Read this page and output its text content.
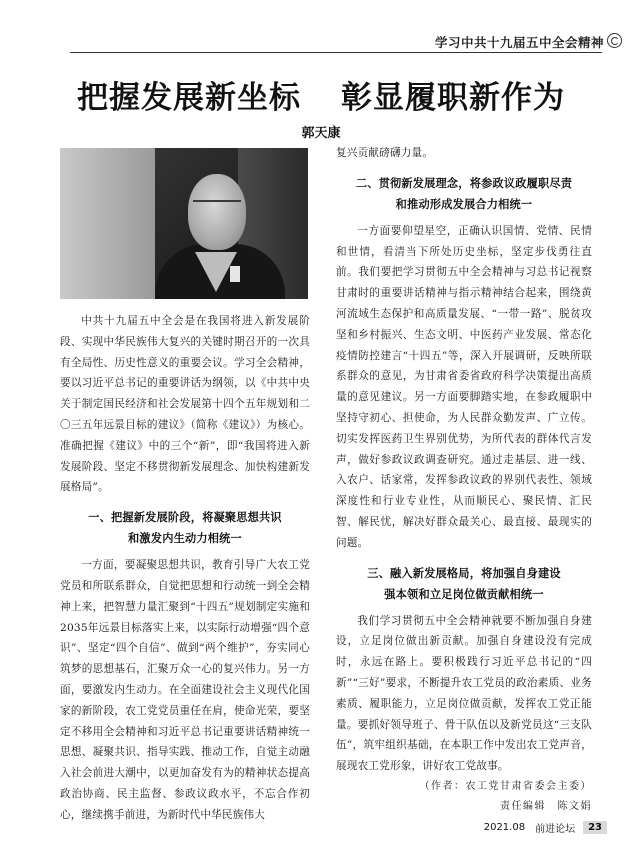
学习中共十九届五中全会精神
把握发展新坐标 彰显履职新作为
郭天康

中共十九届五中全会是在我国将进入新发展阶段、实现中华民族伟大复兴的关键时期召开的一次具有全局性、历史性意义的重要会议。学习全会精神，要以习近平总书记的重要讲话为纲领，以《中共中央关于制定国民经济和社会发展第十四个五年规划和二〇三五年远景目标的建议》（简称《建议》）为核心。准确把握《建议》中的三个“新”，即“我国将进入新发展阶段、坚定不移贯彻新发展理念、加快构建新发展格局”。

一、把握新发展阶段，将凝聚思想共识
和激发内生动力相统一

一方面，要凝聚思想共识，教育引导广大农工党党员和所联系群众，自觉把思想和行动统一到全会精神上来，把智慧力量汇聚到“十四五”规划制定实施和2035年远景目标落实上来，以实际行动增强“四个意识”、坚定“四个自信”、做到“两个维护”，夯实同心筑梦的思想基石，汇聚万众一心的复兴伟力。另一方面，要激发内生动力。在全面建设社会主义现代化国家的新阶段，农工党党员重任在肩，使命光荣，要坚定不移用全会精神和习近平总书记重要讲话精神统一思想、凝聚共识、指导实践、推动工作，自觉主动融入社会前进大潮中，以更加奋发有为的精神状态提高政治协商、民主监督、参政议政水平，不忘合作初心，继续携手前进，为新时代中华民族伟大

复兴贡献磅礴力量。

二、贯彻新发展理念，将参政议政履职尽责
和推动形成发展合力相统一

一方面要仰望星空，正确认识国情、党情、民情和世情，看清当下所处历史坐标，坚定步伐勇往直前。我们要把学习贯彻五中全会精神与习总书记视察甘肃时的重要讲话精神与指示精神结合起来，围绕黄河流域生态保护和高质量发展、“一带一路”、脱贫攻坚和乡村振兴、生态文明、中医药产业发展、常态化疫情防控建言“十四五”等，深入开展调研，反映所联系群众的意见，为甘肃省委省政府科学决策提出高质量的意见建议。另一方面要脚踏实地，在参政履职中坚持守初心、担使命，为人民群众勤发声、广立传。切实发挥医药卫生界别优势，为所代表的群体代言发声，做好参政议政调查研究。通过走基层、进一线、入农户、话家常，发挥参政议政的界别代表性、领域深度性和行业专业性，从而顺民心、聚民情、汇民智、解民忧，解决好群众最关心、最直接、最现实的问题。

三、融入新发展格局，将加强自身建设
强本领和立足岗位做贡献相统一

我们学习贯彻五中全会精神就要不断加强自身建设，立足岗位做出新贡献。加强自身建设没有完成时，永远在路上。要积极践行习近平总书记的“四新”“三好”要求，不断提升农工党员的政治素质、业务素质、履职能力，立足岗位做贡献，发挥农工党正能量。要抓好领导班子、骨干队伍以及新党员这“三支队伍”，筑牢组织基础，在本职工作中发出农工党声音，展现农工党形象，讲好农工党故事。

（作者：农工党甘肃省委会主委）
责任编辑　陈文娟
2021.08 前进论坛	23
